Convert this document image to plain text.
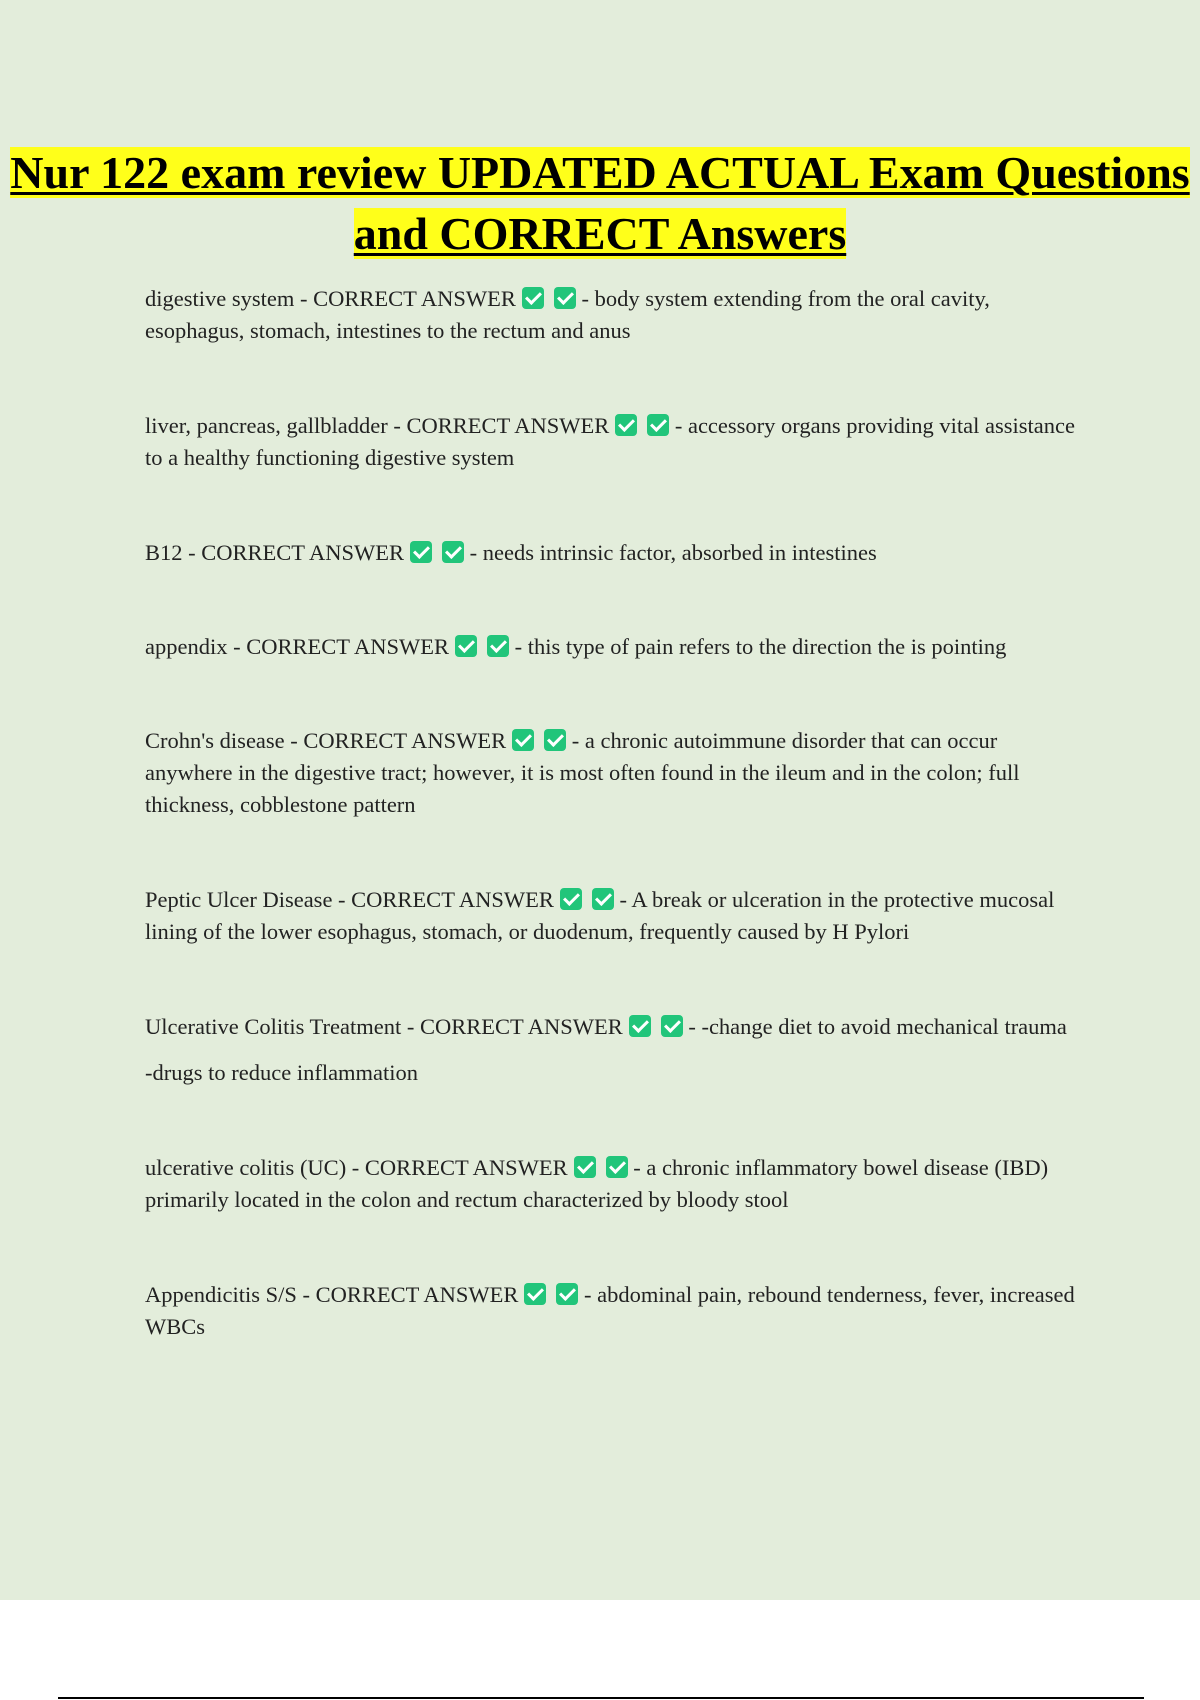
Nur 122 exam review UPDATED ACTUAL Exam Questions and CORRECT Answers

digestive system - CORRECT ANSWER	- body system extending from the oral cavity, esophagus, stomach, intestines to the rectum and anus

liver, pancreas, gallbladder - CORRECT ANSWER	- accessory organs providing vital assistance to a healthy functioning digestive system

B12 - CORRECT ANSWER	- needs intrinsic factor, absorbed in intestines

appendix - CORRECT ANSWER	- this type of pain refers to the direction the is pointing

Crohn's disease - CORRECT ANSWER	- a chronic autoimmune disorder that can occur anywhere in the digestive tract; however, it is most often found in the ileum and in the colon; full thickness, cobblestone pattern

Peptic Ulcer Disease - CORRECT ANSWER	- A break or ulceration in the protective mucosal lining of the lower esophagus, stomach, or duodenum, frequently caused by H Pylori

Ulcerative Colitis Treatment - CORRECT ANSWER	- -change diet to avoid mechanical trauma

-drugs to reduce inflammation

ulcerative colitis (UC) - CORRECT ANSWER	- a chronic inflammatory bowel disease (IBD) primarily located in the colon and rectum characterized by bloody stool

Appendicitis S/S - CORRECT ANSWER	- abdominal pain, rebound tenderness, fever, increased WBCs
